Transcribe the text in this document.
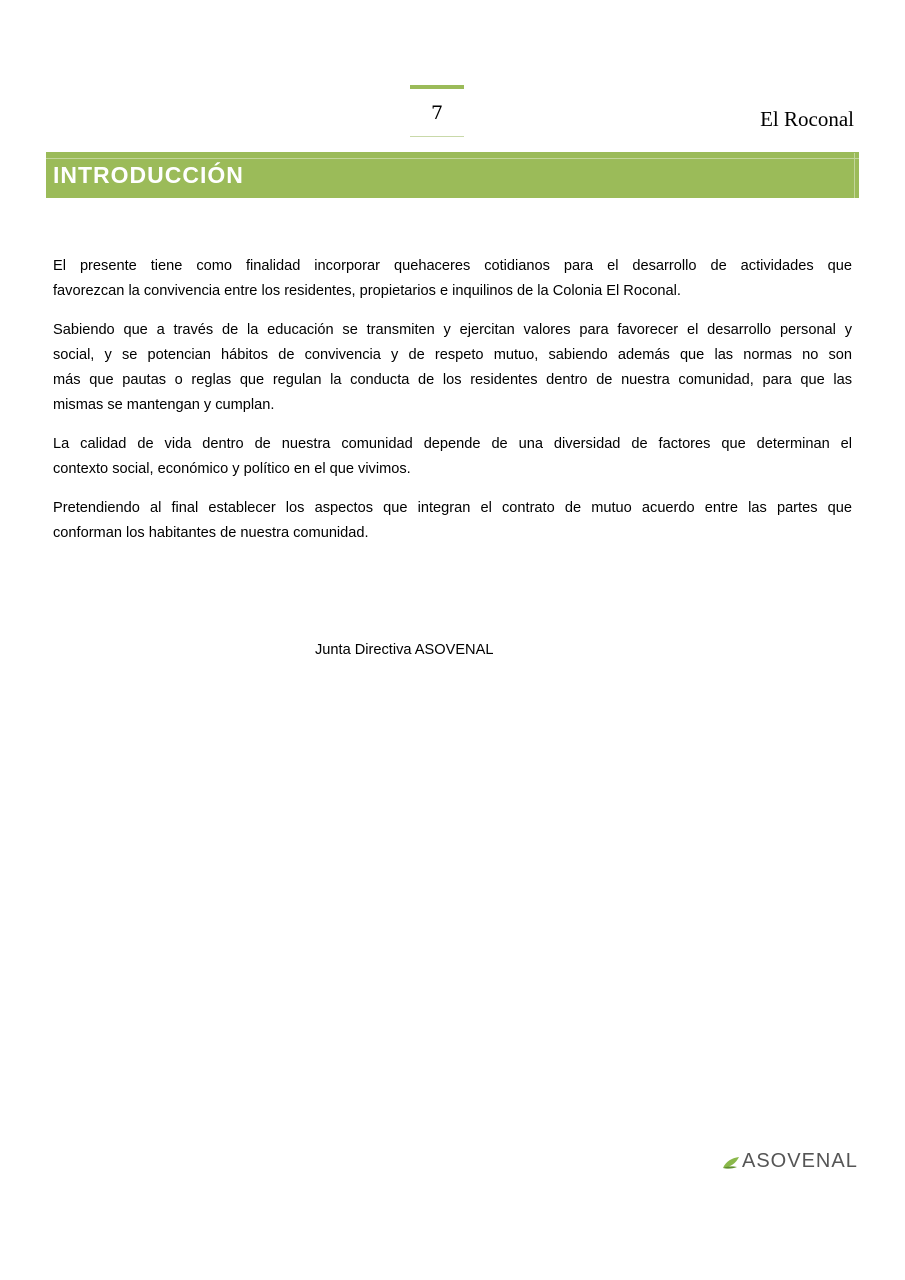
7	El Roconal
INTRODUCCIÓN
El presente tiene como finalidad incorporar quehaceres cotidianos para el desarrollo de actividades que
favorezcan la convivencia entre los residentes, propietarios e inquilinos de la Colonia El Roconal.
Sabiendo que a través de la educación se transmiten y ejercitan valores para favorecer el desarrollo personal y
social, y se potencian hábitos de convivencia y de respeto mutuo, sabiendo además que las normas no son
más que pautas o reglas que regulan la conducta de los residentes dentro de nuestra comunidad, para que las
mismas se mantengan y cumplan.
La calidad de vida dentro de nuestra comunidad depende de una diversidad de factores que determinan el
contexto social, económico y político en el que vivimos.
Pretendiendo al final establecer los aspectos que integran el contrato de mutuo acuerdo entre las partes que
conforman los habitantes de nuestra comunidad.
Junta Directiva ASOVENAL
ASOVENAL
